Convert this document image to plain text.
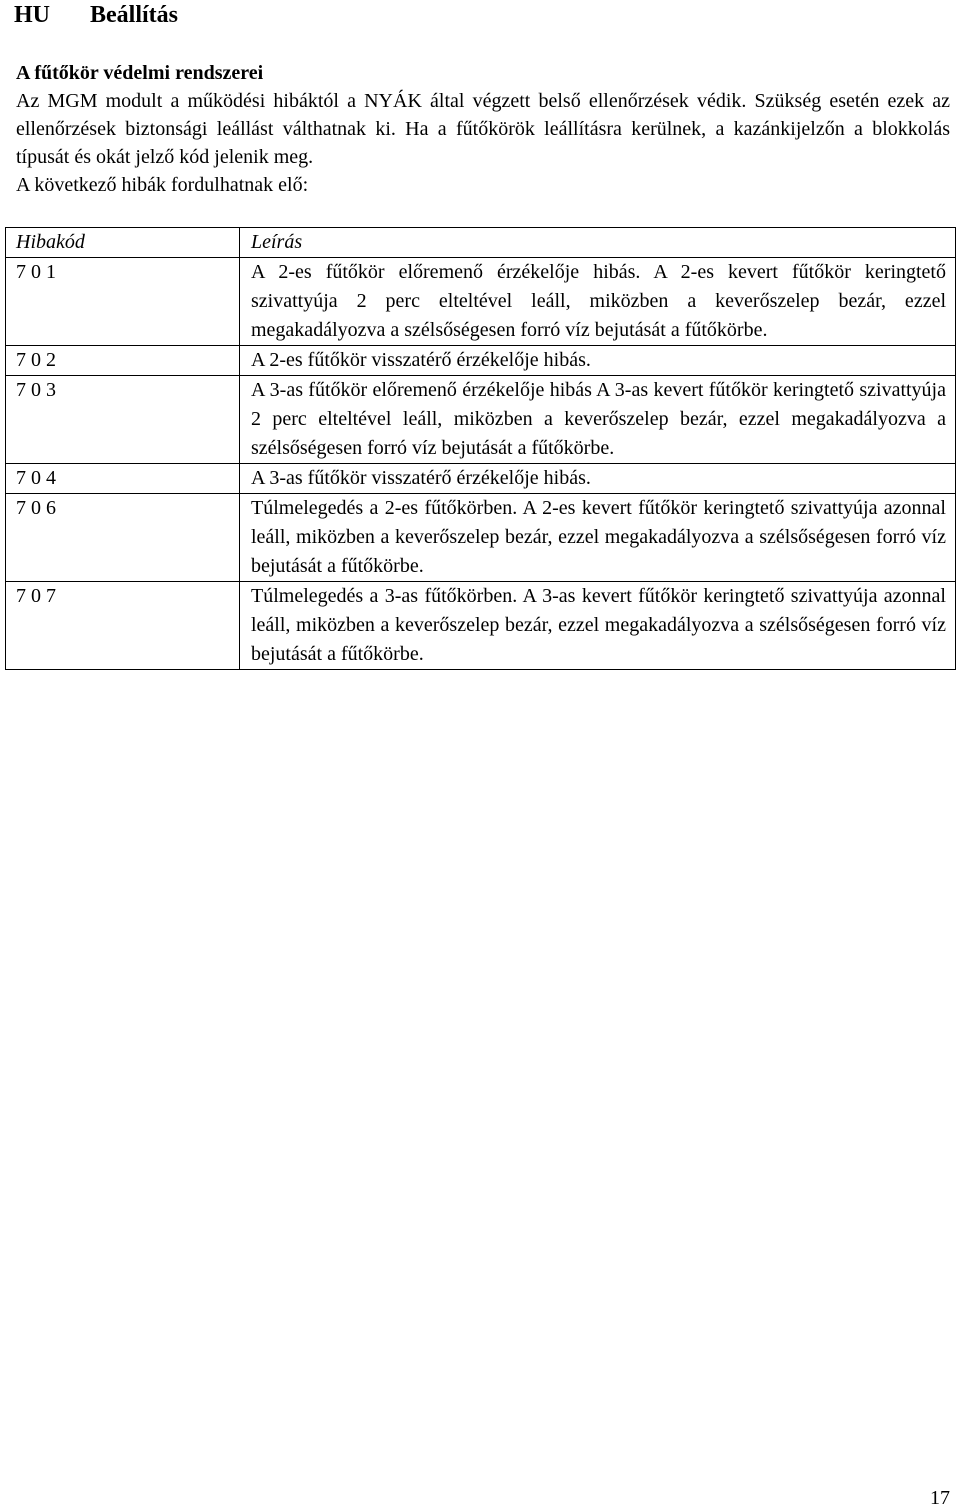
HU Beállítás
A fűtőkör védelmi rendszerei

Az MGM modult a működési hibáktól a NYÁK által végzett belső ellenőrzések védik. Szükség esetén ezek az ellenőrzések biztonsági leállást válthatnak ki. Ha a fűtőkörök leállításra kerülnek, a kazánkijelzőn a blokkolás típusát és okát jelző kód jelenik meg.

A következő hibák fordulhatnak elő:

Hibakód	Leírás
7 0 1	A 2-es fűtőkör előremenő érzékelője hibás. A 2-es kevert fűtőkör keringtető szivattyúja 2 perc elteltével leáll, miközben a keverőszelep bezár, ezzel megakadályozva a szélsőségesen forró víz bejutását a fűtőkörbe.
7 0 2	A 2-es fűtőkör visszatérő érzékelője hibás.
7 0 3	A 3-as fűtőkör előremenő érzékelője hibás A 3-as kevert fűtőkör keringtető szivattyúja 2 perc elteltével leáll, miközben a keverőszelep bezár, ezzel megakadályozva a szélsőségesen forró víz bejutását a fűtőkörbe.
7 0 4	A 3-as fűtőkör visszatérő érzékelője hibás.
7 0 6	Túlmelegedés a 2-es fűtőkörben. A 2-es kevert fűtőkör keringtető szivattyúja azonnal leáll, miközben a keverőszelep bezár, ezzel megakadályozva a szélsőségesen forró víz bejutását a fűtőkörbe.
7 0 7	Túlmelegedés a 3-as fűtőkörben. A 3-as kevert fűtőkör keringtető szivattyúja azonnal leáll, miközben a keverőszelep bezár, ezzel megakadályozva a szélsőségesen forró víz bejutását a fűtőkörbe.
17
